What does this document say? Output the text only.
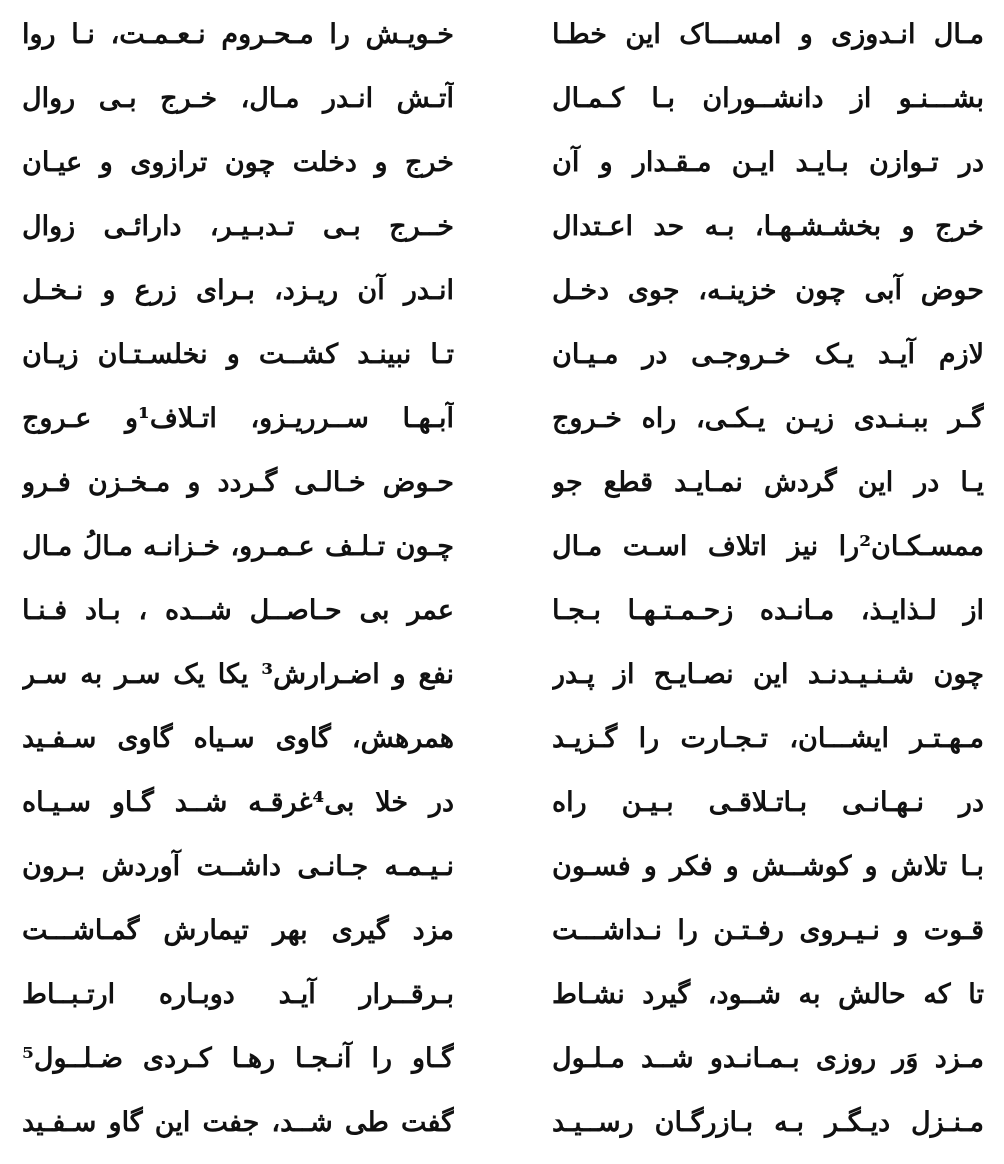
مـال انـدوزی و امســـاک این خطـا
خـویـش را مـحـروم نـعـمـت، نـا روا
بشـــنـو از دانشــوران بـا کـمـال
آتـش انـدر مـال، خـرج بـی روال
در تـوازن بـایـد ایـن مـقـدار و آن
خرج و دخلت چون ترازوی و عیـان
خرج و بخشـشـهـا، بـه حد اعـتدال
خــرج بـی تـدبـیـر، دارائـی زوال
حوض آبی چون خزینـه، جوی دخـل
انـدر آن ریـزد، بـرای زرع و نـخـل
لازم آیـد یـک خـروجـی در مـیـان
تـا نبینـد کشــت و نخلسـتـان زیـان
گـر ببـنـدی زیـن یـکـی، راه خـروج
آبـهـا ســرریـزو، اتـلاف¹و عـروج
یـا در این گردش نمـایـد قطع جو
حـوض خـالـی گـردد و مـخـزن فـرو
ممسـکـان²را نیز اتلاف اسـت مـال
چـون تـلـف عـمـرو، خـزانـه مـالُ مـال
از لـذایـذ، مـانـده زحـمـتـهـا بـجـا
عمر بی حـاصــل شــده ، بـاد فـنـا
چون شـنـیـدنـد این نصـایـح از پـدر
نفع و اضـرارش³ یکا یک سـر به سـر
مـهـتـر ایشـــان، تـجـارت را گـزیـد
همرهش، گاوی سـیاه گاوی سـفـید
در نـهـانـی بـاتـلاقـی بـیـن راه
در خلا بی⁴غرقـه شــد گـاو سـیـاه
بـا تلاش و کوشــش و فکر و فسـون
نـیـمـه جـانـی داشــت آوردش بـرون
قـوت و نـیـروی رفـتـن را نـداشـــت
مزد گیری بهر تیمارش گمـاشـــت
تا که حالش به شــود، گیرد نشـاط
بـرقــرار آیـد دوبـاره ارتـبــاط
مـزد وَر روزی بـمـانـدو شــد مـلـول
گـاو را آنـجـا رهـا کـردی ضـلــول⁵
مـنـزل دیـگـر بـه بـازرگـان رســیـد
گفت طی شــد، جفت این گاو سـفـید
